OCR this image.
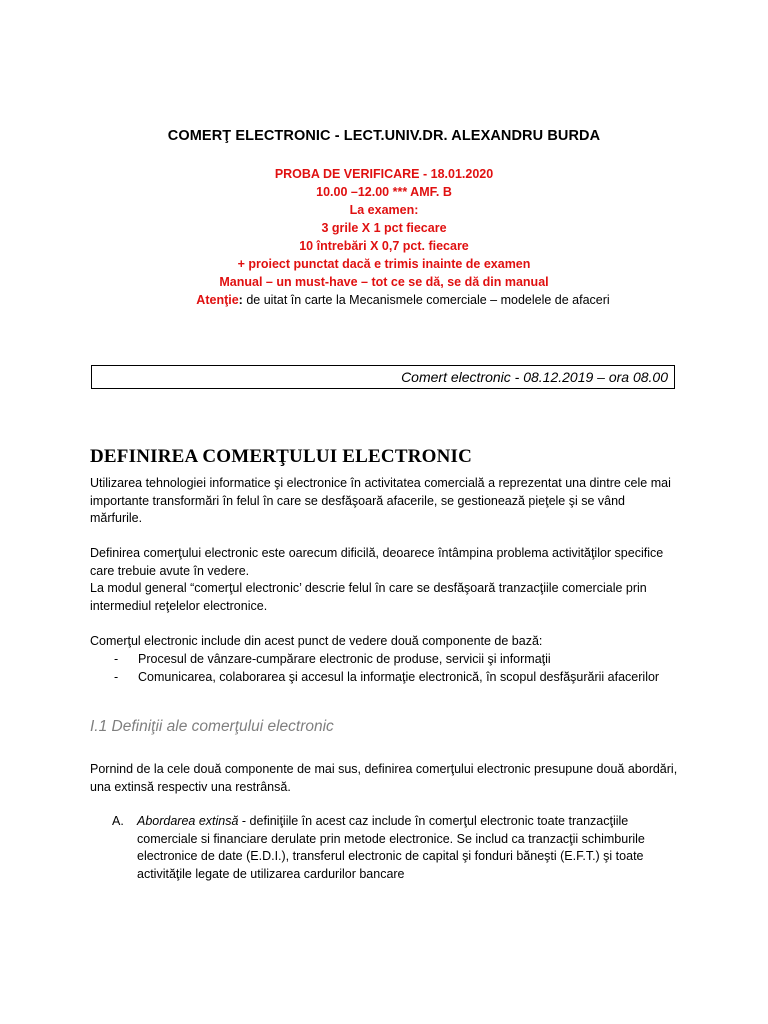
COMERŢ ELECTRONIC - LECT.UNIV.DR. ALEXANDRU BURDA
PROBA DE VERIFICARE - 18.01.2020
10.00 –12.00 *** AMF. B
La examen:
3 grile X 1 pct fiecare
10 întrebări X 0,7 pct. fiecare
+ proiect punctat dacă e trimis inainte de examen
Manual – un must-have – tot ce se dă, se dă din manual
Atenţie: de uitat în carte la Mecanismele comerciale – modelele de afaceri
Comert electronic - 08.12.2019 – ora 08.00
DEFINIREA COMERŢULUI ELECTRONIC
Utilizarea tehnologiei informatice şi electronice în activitatea comercială a reprezentat una dintre cele mai importante transformări în felul în care se desfăşoară afacerile, se gestionează pieţele şi se vând mărfurile.
Definirea comerţului electronic este oarecum dificilă, deoarece întâmpina problema activităţilor specifice care trebuie avute în vedere.
La modul general “comerţul electronic’ descrie felul în care se desfăşoară tranzacţiile comerciale prin intermediul reţelelor electronice.
Comerţul electronic include din acest punct de vedere două componente de bază:
- Procesul de vânzare-cumpărare electronic de produse, servicii şi informaţii
- Comunicarea, colaborarea şi accesul la informaţie electronică, în scopul desfăşurării afacerilor
I.1 Definiţii ale comerţului electronic
Pornind de la cele două componente de mai sus, definirea comerţului electronic presupune două abordări, una extinsă respectiv una restrânsă.
A. Abordarea extinsă - definiţiile în acest caz include în comerţul electronic toate tranzacţiile comerciale si financiare derulate prin metode electronice. Se includ ca tranzacţii schimburile electronice de date (E.D.I.), transferul electronic de capital şi fonduri băneşti (E.F.T.) şi toate activităţile legate de utilizarea cardurilor bancare
